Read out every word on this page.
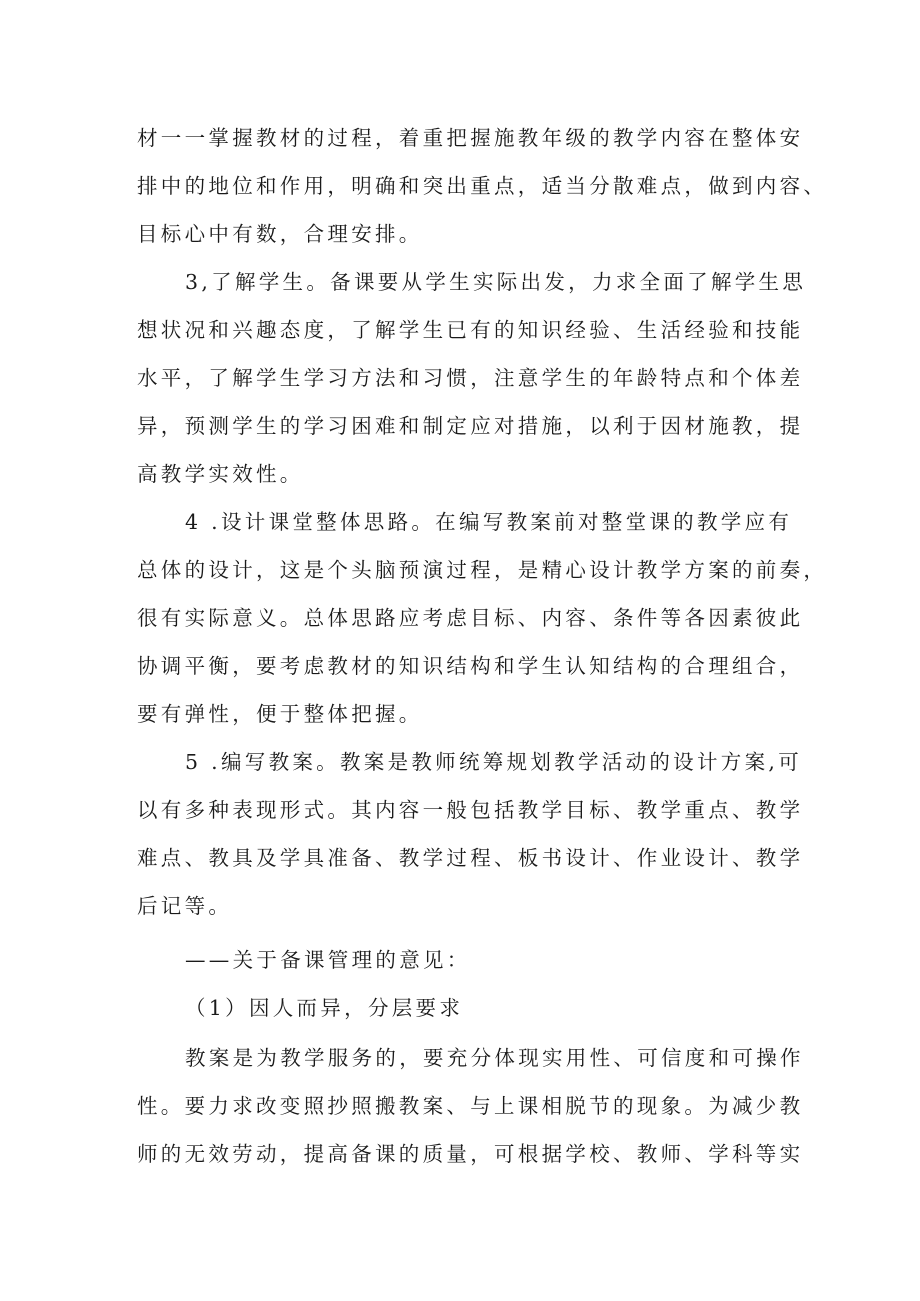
材一一掌握教材的过程，着重把握施教年级的教学内容在整体安
排中的地位和作用，明确和突出重点，适当分散难点，做到内容、
目标心中有数，合理安排。
3,了解学生。备课要从学生实际出发，力求全面了解学生思
想状况和兴趣态度，了解学生已有的知识经验、生活经验和技能
水平，了解学生学习方法和习惯，注意学生的年龄特点和个体差
异，预测学生的学习困难和制定应对措施，以利于因材施教，提
高教学实效性。
4 .设计课堂整体思路。在编写教案前对整堂课的教学应有
总体的设计，这是个头脑预演过程，是精心设计教学方案的前奏，
很有实际意义。总体思路应考虑目标、内容、条件等各因素彼此
协调平衡，要考虑教材的知识结构和学生认知结构的合理组合，
要有弹性，便于整体把握。
5 .编写教案。教案是教师统筹规划教学活动的设计方案,可
以有多种表现形式。其内容一般包括教学目标、教学重点、教学
难点、教具及学具准备、教学过程、板书设计、作业设计、教学
后记等。
——关于备课管理的意见：
（1）因人而异，分层要求
教案是为教学服务的，要充分体现实用性、可信度和可操作
性。要力求改变照抄照搬教案、与上课相脱节的现象。为减少教
师的无效劳动，提高备课的质量，可根据学校、教师、学科等实
